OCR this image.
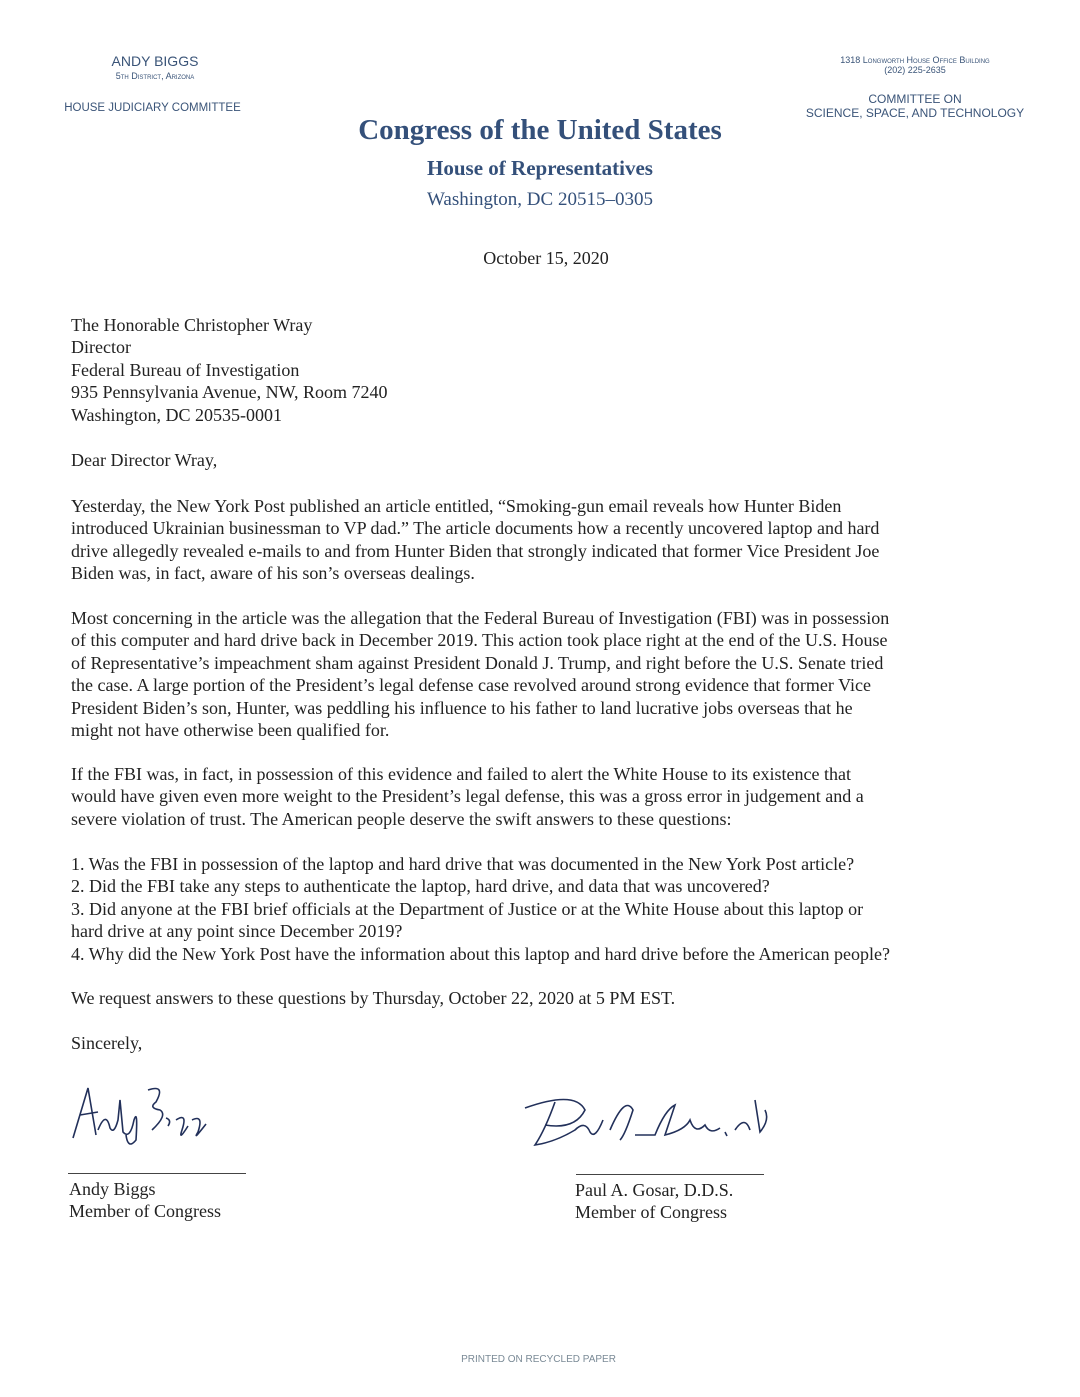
ANDY BIGGS
5th District, Arizona
HOUSE JUDICIARY COMMITTEE
1318 Longworth House Office Building
(202) 225-2635
COMMITTEE ON
SCIENCE, SPACE, AND TECHNOLOGY
Congress of the United States
House of Representatives
Washington, DC 20515–0305
October 15, 2020
The Honorable Christopher Wray
Director
Federal Bureau of Investigation
935 Pennsylvania Avenue, NW, Room 7240
Washington, DC 20535-0001
Dear Director Wray,
Yesterday, the New York Post published an article entitled, “Smoking-gun email reveals how Hunter Biden
introduced Ukrainian businessman to VP dad.” The article documents how a recently uncovered laptop and hard
drive allegedly revealed e-mails to and from Hunter Biden that strongly indicated that former Vice President Joe
Biden was, in fact, aware of his son’s overseas dealings.
Most concerning in the article was the allegation that the Federal Bureau of Investigation (FBI) was in possession
of this computer and hard drive back in December 2019. This action took place right at the end of the U.S. House
of Representative’s impeachment sham against President Donald J. Trump, and right before the U.S. Senate tried
the case. A large portion of the President’s legal defense case revolved around strong evidence that former Vice
President Biden’s son, Hunter, was peddling his influence to his father to land lucrative jobs overseas that he
might not have otherwise been qualified for.
If the FBI was, in fact, in possession of this evidence and failed to alert the White House to its existence that
would have given even more weight to the President’s legal defense, this was a gross error in judgement and a
severe violation of trust. The American people deserve the swift answers to these questions:
1. Was the FBI in possession of the laptop and hard drive that was documented in the New York Post article?
2. Did the FBI take any steps to authenticate the laptop, hard drive, and data that was uncovered?
3. Did anyone at the FBI brief officials at the Department of Justice or at the White House about this laptop or
hard drive at any point since December 2019?
4. Why did the New York Post have the information about this laptop and hard drive before the American people?
We request answers to these questions by Thursday, October 22, 2020 at 5 PM EST.
Sincerely,
Andy Biggs
Member of Congress
Paul A. Gosar, D.D.S.
Member of Congress
PRINTED ON RECYCLED PAPER
